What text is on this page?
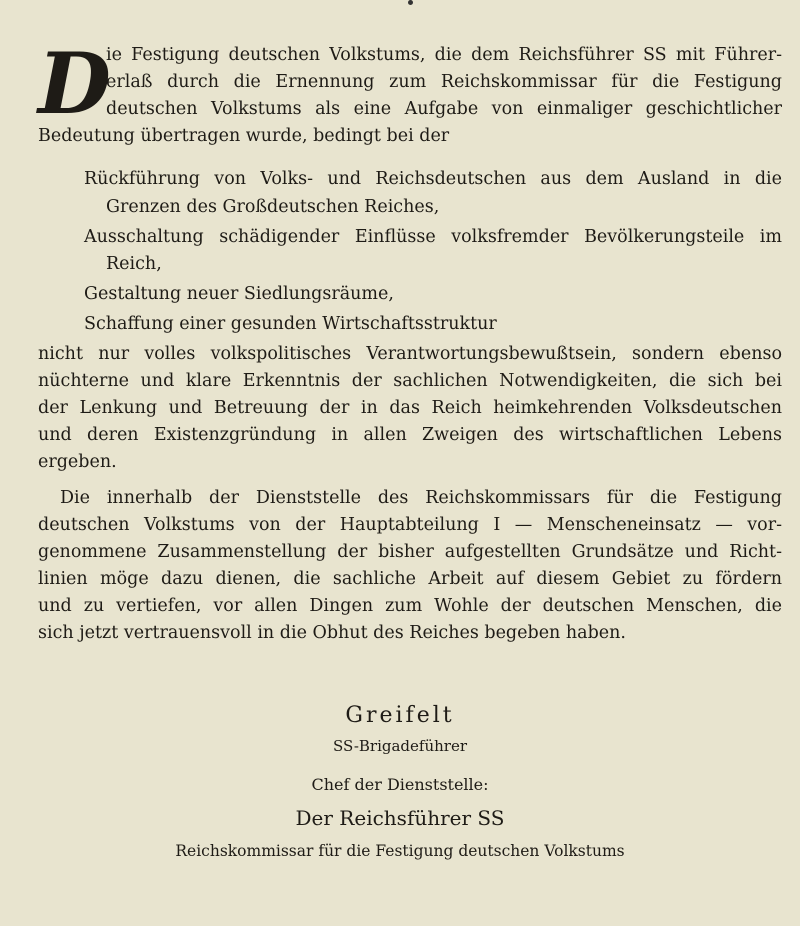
D
ie Festigung deutschen Volkstums, die dem Reichsführer SS mit Führer-
erlaß durch die Ernennung zum Reichskommissar für die Festigung
deutschen Volkstums als eine Aufgabe von einmaliger geschichtlicher
Bedeutung übertragen wurde, bedingt bei der
Rückführung von Volks- und Reichsdeutschen aus dem Ausland in die
Grenzen des Großdeutschen Reiches,
Ausschaltung schädigender Einflüsse volksfremder Bevölkerungsteile im
Reich,
Gestaltung neuer Siedlungsräume,
Schaffung einer gesunden Wirtschaftsstruktur
nicht nur volles volkspolitisches Verantwortungsbewußtsein, sondern ebenso
nüchterne und klare Erkenntnis der sachlichen Notwendigkeiten, die sich bei
der Lenkung und Betreuung der in das Reich heimkehrenden Volksdeutschen
und deren Existenzgründung in allen Zweigen des wirtschaftlichen Lebens
ergeben.
Die innerhalb der Dienststelle des Reichskommissars für die Festigung
deutschen Volkstums von der Hauptabteilung I — Menscheneinsatz — vor-
genommene Zusammenstellung der bisher aufgestellten Grundsätze und Richt-
linien möge dazu dienen, die sachliche Arbeit auf diesem Gebiet zu fördern
und zu vertiefen, vor allen Dingen zum Wohle der deutschen Menschen, die
sich jetzt vertrauensvoll in die Obhut des Reiches begeben haben.
Greifelt
SS-Brigadeführer
Chef der Dienststelle:
Der Reichsführer SS
Reichskommissar für die Festigung deutschen Volkstums
